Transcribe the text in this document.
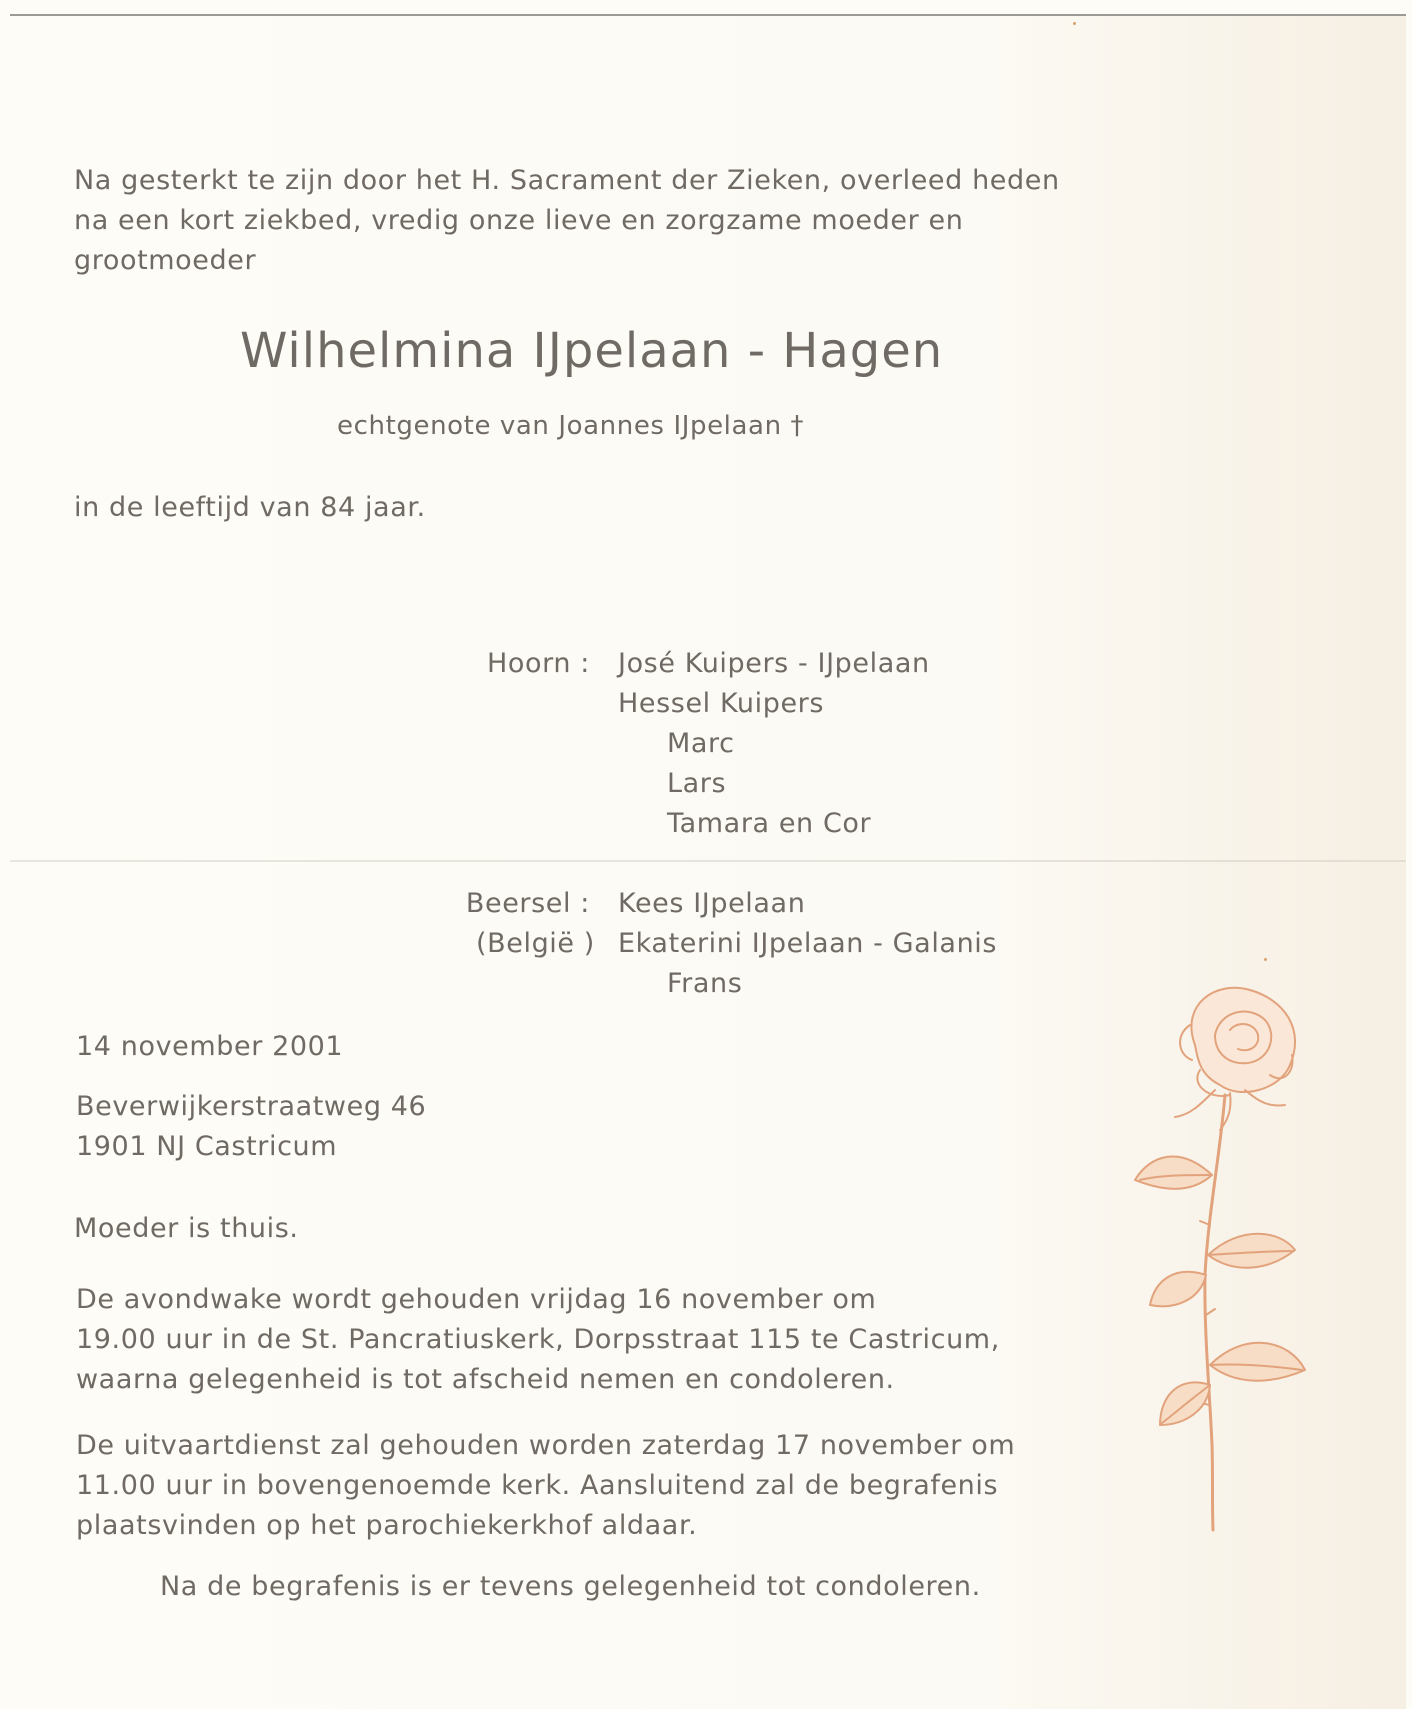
Na gesterkt te zijn door het H. Sacrament der Zieken, overleed heden
na een kort ziekbed, vredig onze lieve en zorgzame moeder en
grootmoeder
Wilhelmina IJpelaan - Hagen
echtgenote van Joannes IJpelaan †
in de leeftijd van 84 jaar.
Hoorn : José Kuipers - IJpelaan
Hessel Kuipers
Marc
Lars
Tamara en Cor
Beersel :
(België )
Kees IJpelaan
Ekaterini IJpelaan - Galanis
Frans
14 november 2001
Beverwijkerstraatweg 46
1901 NJ Castricum
Moeder is thuis.
De avondwake wordt gehouden vrijdag 16 november om
19.00 uur in de St. Pancratiuskerk, Dorpsstraat 115 te Castricum,
waarna gelegenheid is tot afscheid nemen en condoleren.
De uitvaartdienst zal gehouden worden zaterdag 17 november om
11.00 uur in bovengenoemde kerk. Aansluitend zal de begrafenis
plaatsvinden op het parochiekerkhof aldaar.
Na de begrafenis is er tevens gelegenheid tot condoleren.
